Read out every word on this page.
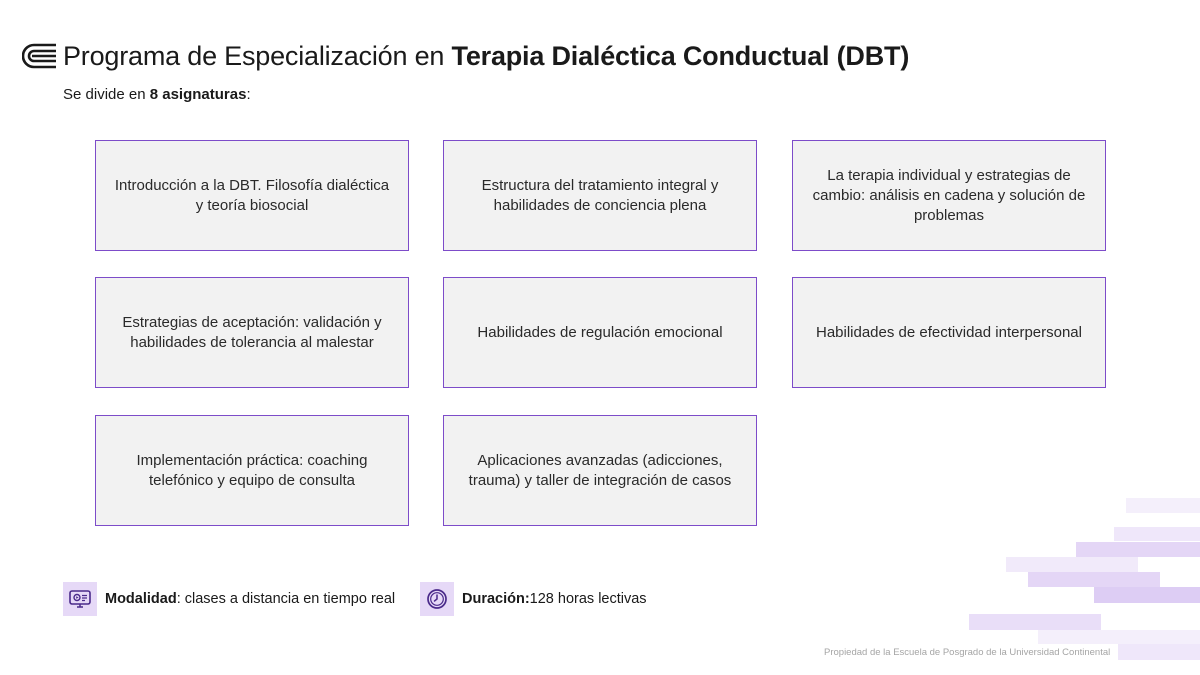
Programa de Especialización en Terapia Dialéctica Conductual (DBT)
Se divide en 8 asignaturas:
Introducción a la DBT. Filosofía dialéctica y teoría biosocial
Estructura del tratamiento integral y habilidades de conciencia plena
La terapia individual y estrategias de cambio: análisis en cadena y solución de problemas
Estrategias de aceptación: validación y habilidades de tolerancia al malestar
Habilidades de regulación emocional	Habilidades de efectividad interpersonal
Implementación práctica: coaching telefónico y equipo de consulta
Aplicaciones avanzadas (adicciones, trauma) y taller de integración de casos
Modalidad : clases a distancia en tiempo real	Duración: 128 horas lectivas
Propiedad de la Escuela de Posgrado de la Universidad Continental
